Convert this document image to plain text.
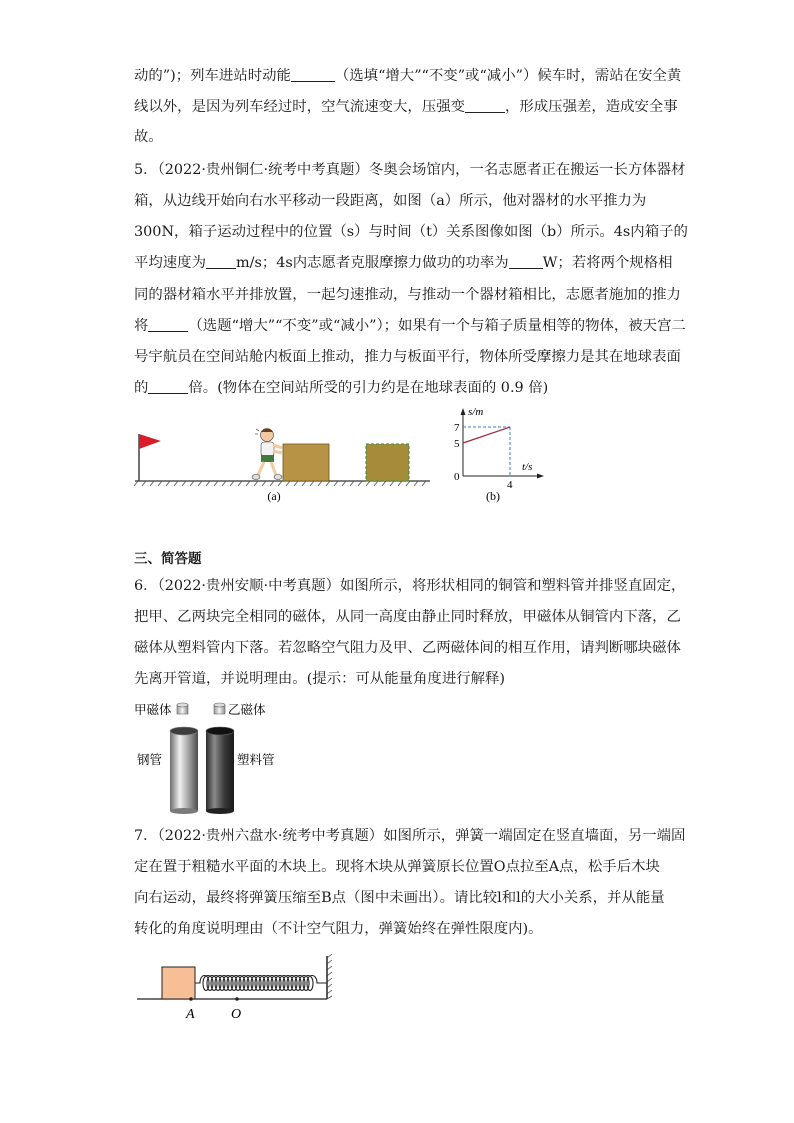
动的”)；列车进站时动能	（选填“增大”“不变”或“减小”）候车时，需站在安全黄
线以外，是因为列车经过时，空气流速变大，压强变	，形成压强差，造成安全事
故。
5．（2022·贵州铜仁·统考中考真题）冬奥会场馆内，一名志愿者正在搬运一长方体器材
箱，从边线开始向右水平移动一段距离，如图（a）所示，他对器材的水平推力为
300N，箱子运动过程中的位置（s）与时间（t）关系图像如图（b）所示。4s内箱子的
平均速度为 m/s；4s内志愿者克服摩擦力做功的功率为 W；若将两个规格相
同的器材箱水平并排放置，一起匀速推动，与推动一个器材箱相比，志愿者施加的推力
将	（选题“增大”“不变”或“减小”）；如果有一个与箱子质量相等的物体，被天宫二
号宇航员在空间站舱内板面上推动，推力与板面平行，物体所受摩擦力是其在地球表面
的	倍。(物体在空间站所受的引力约是在地球表面的 0.9 倍)
(a)
s/m
t/s
7
5
0
4
(b)
三、简答题
6．（2022·贵州安顺·中考真题）如图所示，将形状相同的铜管和塑料管并排竖直固定，
把甲、乙两块完全相同的磁体，从同一高度由静止同时释放，甲磁体从铜管内下落，乙
磁体从塑料管内下落。若忽略空气阻力及甲、乙两磁体间的相互作用，请判断哪块磁体
先离开管道，并说明理由。(提示：可从能量角度进行解释)
甲磁体	乙磁体
钢管	塑料管
7．（2022·贵州六盘水·统考中考真题）如图所示，弹簧一端固定在竖直墙面，另一端固
定在置于粗糙水平面的木块上。现将木块从弹簧原长位置O点拉至A点，松手后木块
向右运动，最终将弹簧压缩至B点（图中未画出）。请比较l和l的大小关系，并从能量
转化的角度说明理由（不计空气阻力，弹簧始终在弹性限度内)。
A	O
